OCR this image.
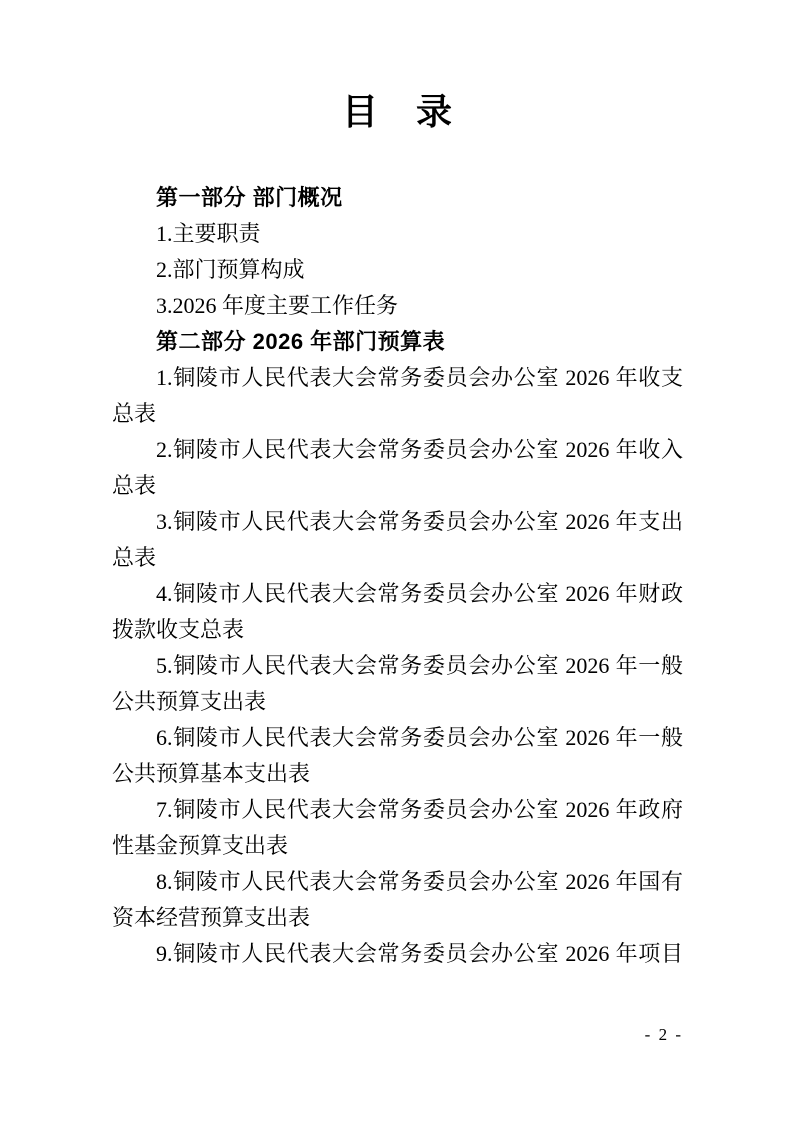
目　录

第一部分 部门概况

1.主要职责

2.部门预算构成

3.2026 年度主要工作任务

第二部分 2026 年部门预算表

1.铜陵市人民代表大会常务委员会办公室 2026 年收支总表

2.铜陵市人民代表大会常务委员会办公室 2026 年收入总表

3.铜陵市人民代表大会常务委员会办公室 2026 年支出总表

4.铜陵市人民代表大会常务委员会办公室 2026 年财政拨款收支总表

5.铜陵市人民代表大会常务委员会办公室 2026 年一般公共预算支出表

6.铜陵市人民代表大会常务委员会办公室 2026 年一般公共预算基本支出表

7.铜陵市人民代表大会常务委员会办公室 2026 年政府性基金预算支出表

8.铜陵市人民代表大会常务委员会办公室 2026 年国有资本经营预算支出表

9.铜陵市人民代表大会常务委员会办公室 2026 年项目

- 2 -
